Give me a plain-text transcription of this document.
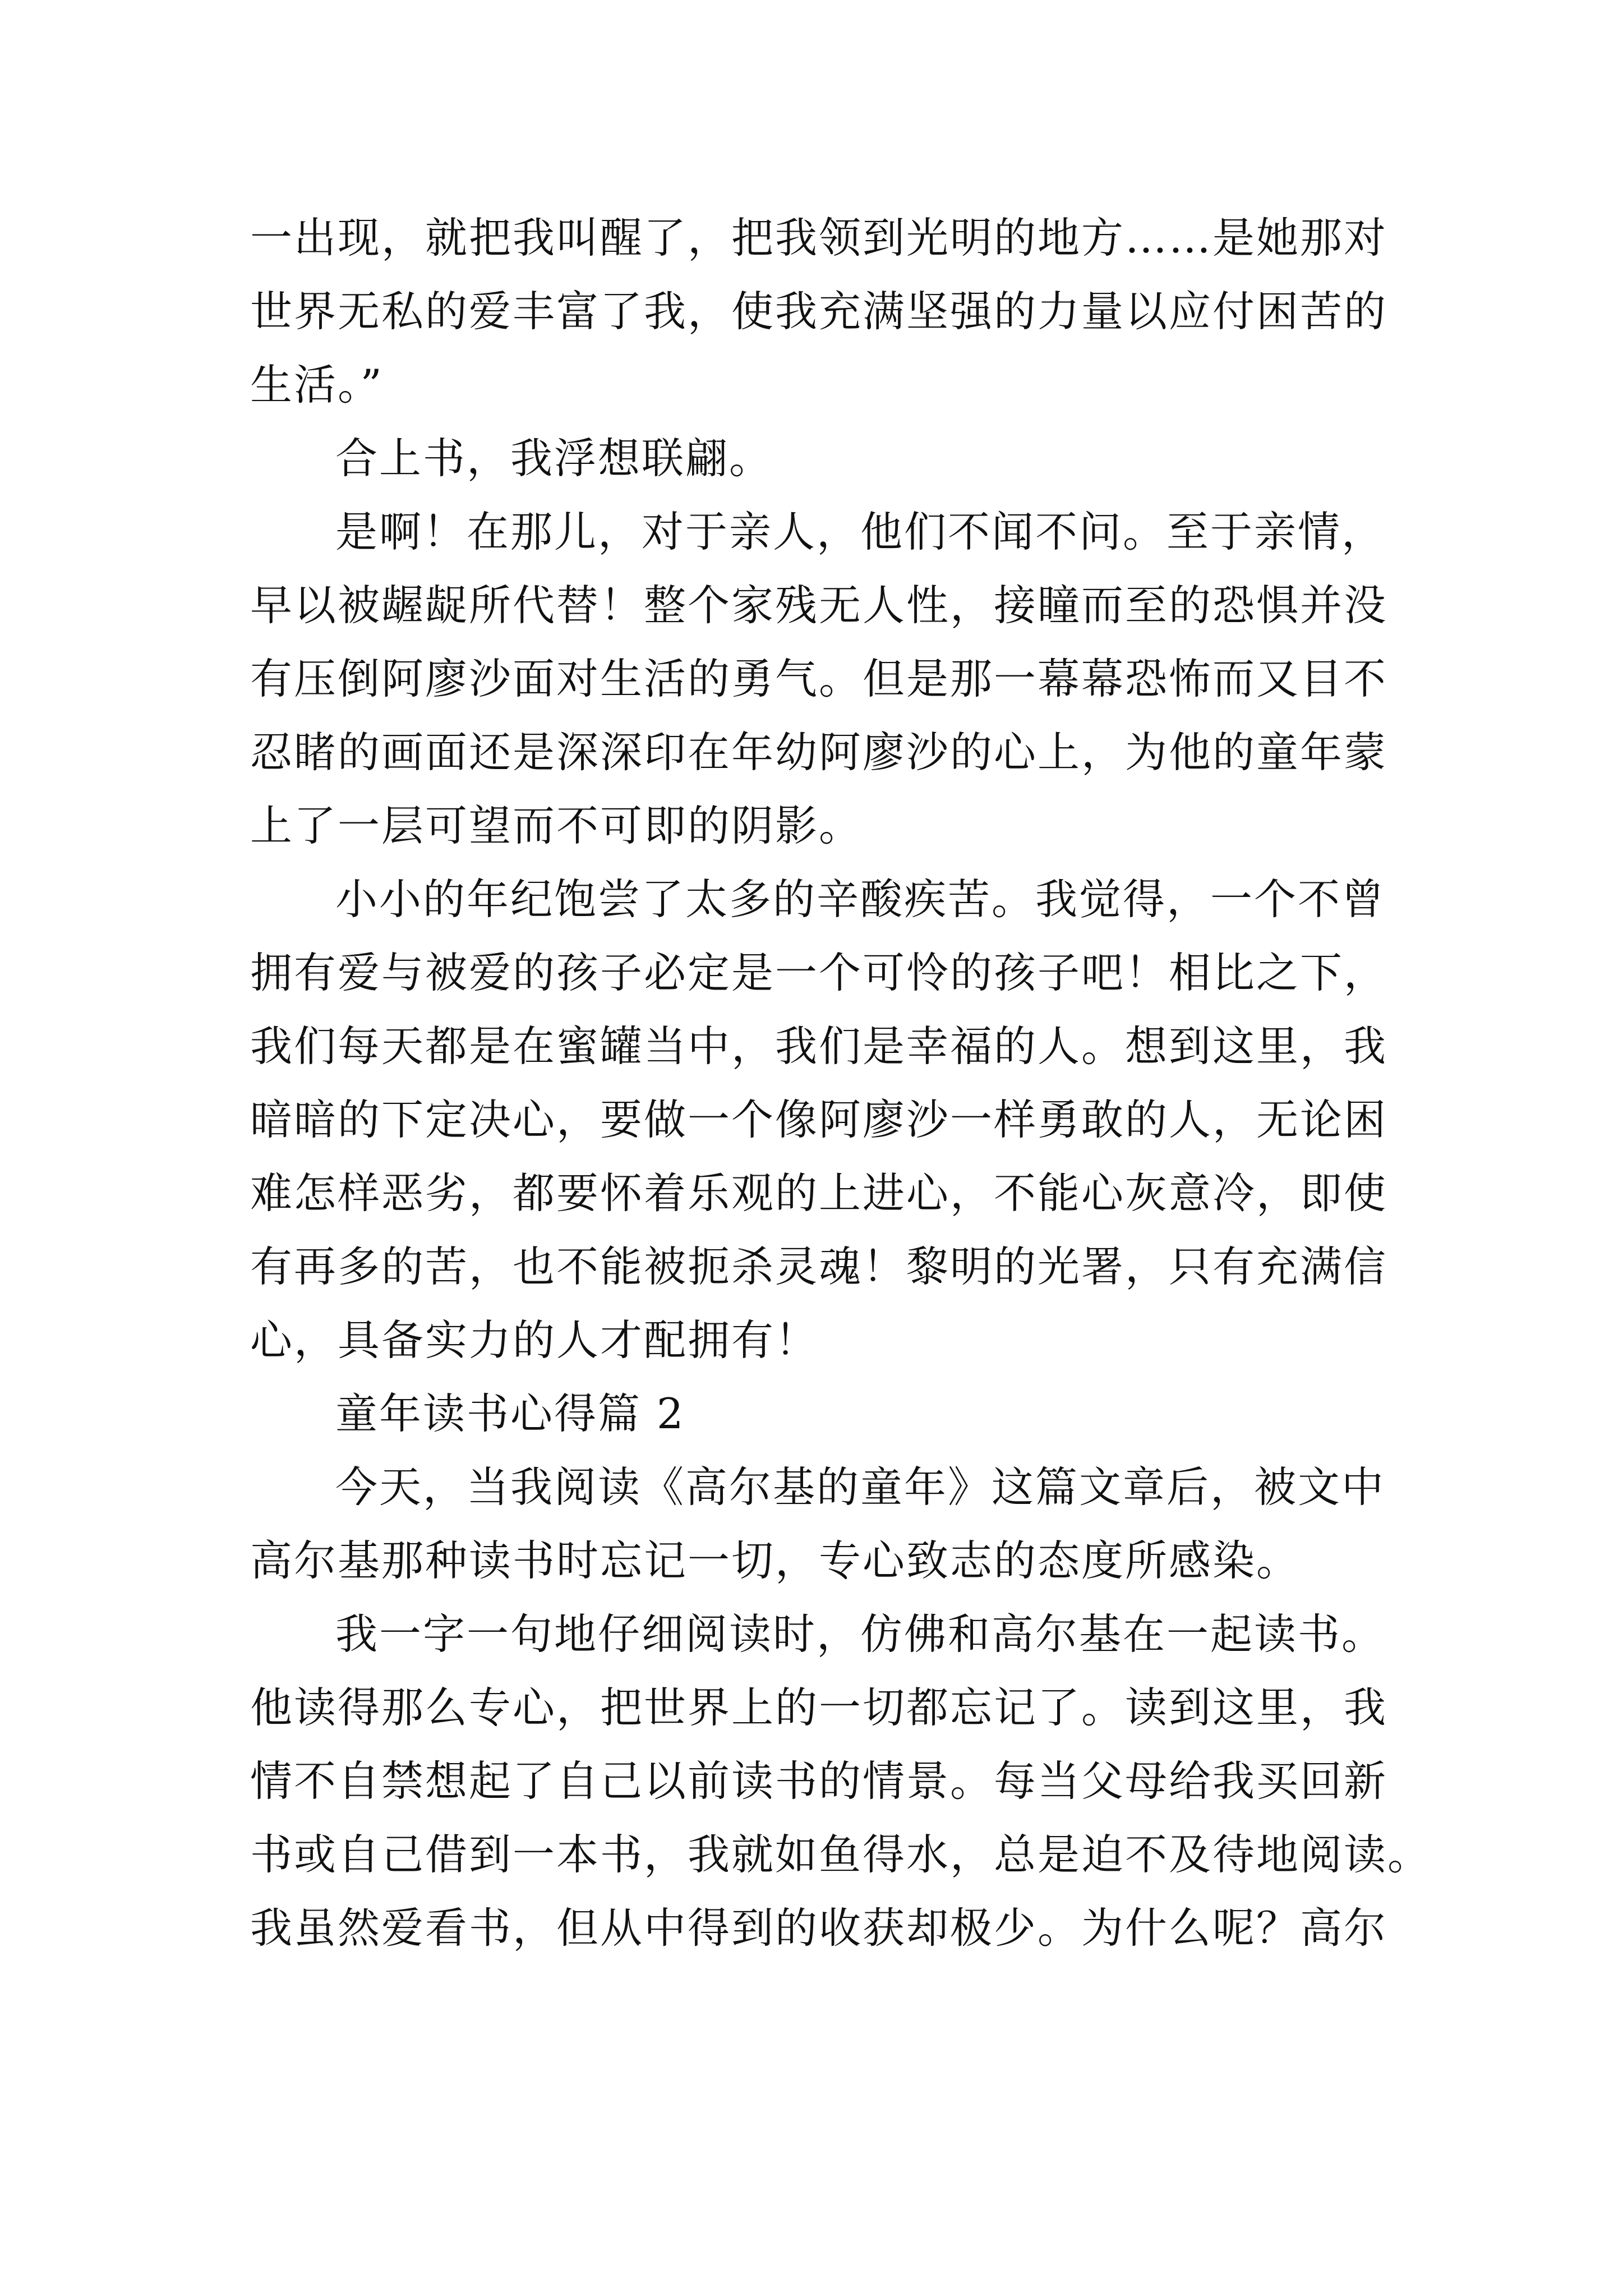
一出现，就把我叫醒了，把我领到光明的地方……是她那对
世界无私的爱丰富了我，使我充满坚强的力量以应付困苦的
生活。”
合上书，我浮想联翩。
是啊！在那儿，对于亲人，他们不闻不问。至于亲情，
早以被龌龊所代替！整个家残无人性，接瞳而至的恐惧并没
有压倒阿廖沙面对生活的勇气。但是那一幕幕恐怖而又目不
忍睹的画面还是深深印在年幼阿廖沙的心上，为他的童年蒙
上了一层可望而不可即的阴影。
小小的年纪饱尝了太多的辛酸疾苦。我觉得，一个不曾
拥有爱与被爱的孩子必定是一个可怜的孩子吧！相比之下，
我们每天都是在蜜罐当中，我们是幸福的人。想到这里，我
暗暗的下定决心，要做一个像阿廖沙一样勇敢的人，无论困
难怎样恶劣，都要怀着乐观的上进心，不能心灰意冷，即使
有再多的苦，也不能被扼杀灵魂！黎明的光署，只有充满信
心，具备实力的人才配拥有！
童年读书心得篇 2
今天，当我阅读《高尔基的童年》这篇文章后，被文中
高尔基那种读书时忘记一切，专心致志的态度所感染。
我一字一句地仔细阅读时，仿佛和高尔基在一起读书。
他读得那么专心，把世界上的一切都忘记了。读到这里，我
情不自禁想起了自己以前读书的情景。每当父母给我买回新
书或自己借到一本书，我就如鱼得水，总是迫不及待地阅读。
我虽然爱看书，但从中得到的收获却极少。为什么呢？高尔
